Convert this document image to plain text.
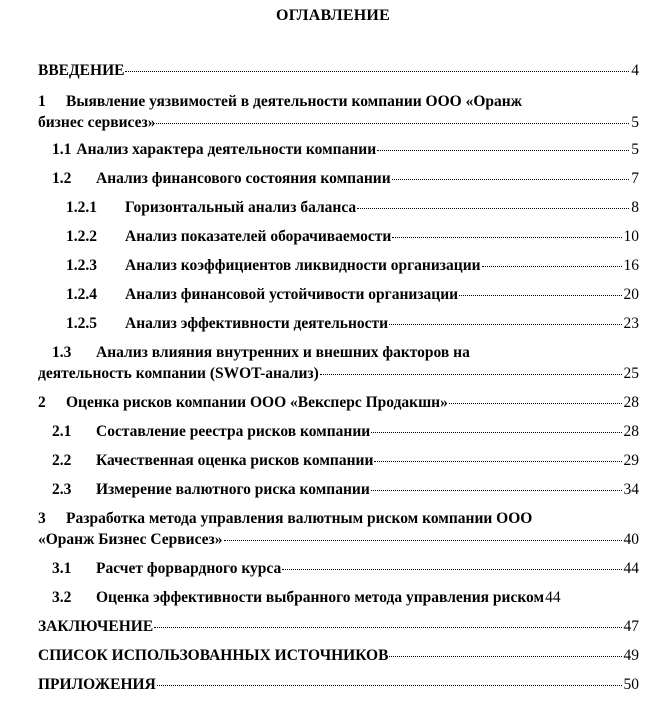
ОГЛАВЛЕНИЕ
ВВЕДЕНИЕ	4
1 Выявление уязвимостей в деятельности компании ООО «Оранж
бизнес сервисез»	5
1.1 Анализ характера деятельности компании	5
1.2	Анализ финансового состояния компании	7
1.2.1	Горизонтальный анализ баланса	8
1.2.2	Анализ показателей оборачиваемости	10
1.2.3	Анализ коэффициентов ликвидности организации	16
1.2.4	Анализ финансовой устойчивости организации	20
1.2.5	Анализ эффективности деятельности	23
1.3 Анализ влияния внутренних и внешних факторов на
деятельность компании (SWOT-анализ)	25
2	Оценка рисков компании ООО «Вексперс Продакшн»	28
2.1	Составление реестра рисков компании	28
2.2	Качественная оценка рисков компании	29
2.3	Измерение валютного риска компании	34
3 Разработка метода управления валютным риском компании ООО
«Оранж Бизнес Сервисез»	40
3.1	Расчет форвардного курса	44
3.2	Оценка эффективности выбранного метода управления риском 44
ЗАКЛЮЧЕНИЕ	47
СПИСОК ИСПОЛЬЗОВАННЫХ ИСТОЧНИКОВ	49
ПРИЛОЖЕНИЯ	50
